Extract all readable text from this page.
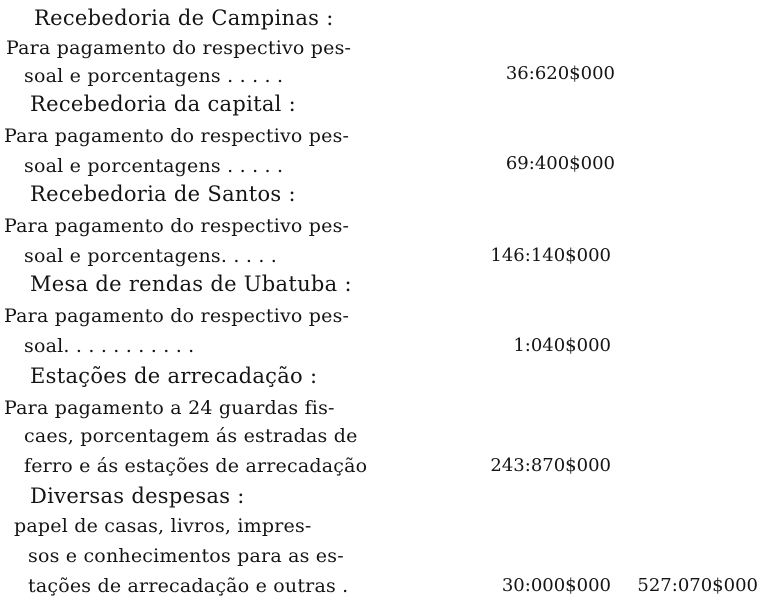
Recebedoria de Campinas :
Para pagamento do respectivo pes-
soal e porcentagens . . . . .	36:620$000
Recebedoria da capital :
Para pagamento do respectivo pes-
soal e porcentagens . . . . .	69:400$000
Recebedoria de Santos :
Para pagamento do respectivo pes-
soal e porcentagens. . . . .	146:140$000
Mesa de rendas de Ubatuba :
Para pagamento do respectivo pes-
soal. . . . . . . . . . .	1:040$000
Estações de arrecadação :
Para pagamento a 24 guardas fis-
caes, porcentagem ás estradas de
ferro e ás estações de arrecadação	243:870$000
Diversas despesas :
papel de casas, livros, impres-
sos e conhecimentos para as es-
tações de arrecadação e outras .	30:000$000	527:070$000
